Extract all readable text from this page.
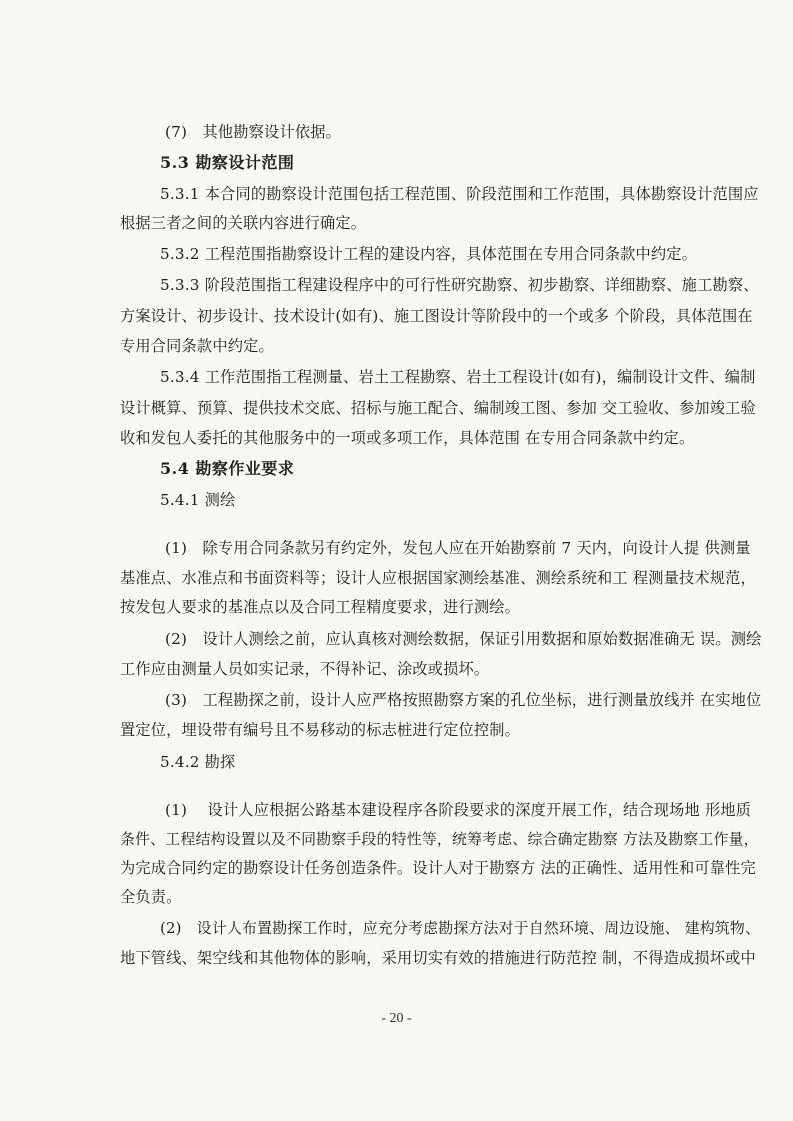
(7)　其他勘察设计依据。
5.3 勘察设计范围
5.3.1 本合同的勘察设计范围包括工程范围、阶段范围和工作范围，具体勘察设计范围应
根据三者之间的关联内容进行确定。
5.3.2 工程范围指勘察设计工程的建设内容，具体范围在专用合同条款中约定。
5.3.3 阶段范围指工程建设程序中的可行性研究勘察、初步勘察、详细勘察、施工勘察、
方案设计、初步设计、技术设计(如有)、施工图设计等阶段中的一个或多 个阶段，具体范围在
专用合同条款中约定。
5.3.4 工作范围指工程测量、岩土工程勘察、岩土工程设计(如有)，编制设计文件、编制
设计概算、预算、提供技术交底、招标与施工配合、编制竣工图、参加 交工验收、参加竣工验
收和发包人委托的其他服务中的一项或多项工作，具体范围 在专用合同条款中约定。
5.4 勘察作业要求
5.4.1 测绘
(1)　除专用合同条款另有约定外，发包人应在开始勘察前 7 天内，向设计人提 供测量
基准点、水准点和书面资料等；设计人应根据国家测绘基准、测绘系统和工 程测量技术规范，
按发包人要求的基准点以及合同工程精度要求，进行测绘。
(2)　设计人测绘之前，应认真核对测绘数据，保证引用数据和原始数据准确无 误。测绘
工作应由测量人员如实记录，不得补记、涂改或损坏。
(3)　工程勘探之前，设计人应严格按照勘察方案的孔位坐标，进行测量放线并 在实地位
置定位，埋设带有编号且不易移动的标志桩进行定位控制。
5.4.2 勘探
(1)　 设计人应根据公路基本建设程序各阶段要求的深度开展工作，结合现场地 形地质
条件、工程结构设置以及不同勘察手段的特性等，统筹考虑、综合确定勘察 方法及勘察工作量，
为完成合同约定的勘察设计任务创造条件。设计人对于勘察方 法的正确性、适用性和可靠性完
全负责。
(2)　设计人布置勘探工作时，应充分考虑勘探方法对于自然环境、周边设施、 建构筑物、
地下管线、架空线和其他物体的影响，采用切实有效的措施进行防范控 制，不得造成损坏或中
- 20 -
